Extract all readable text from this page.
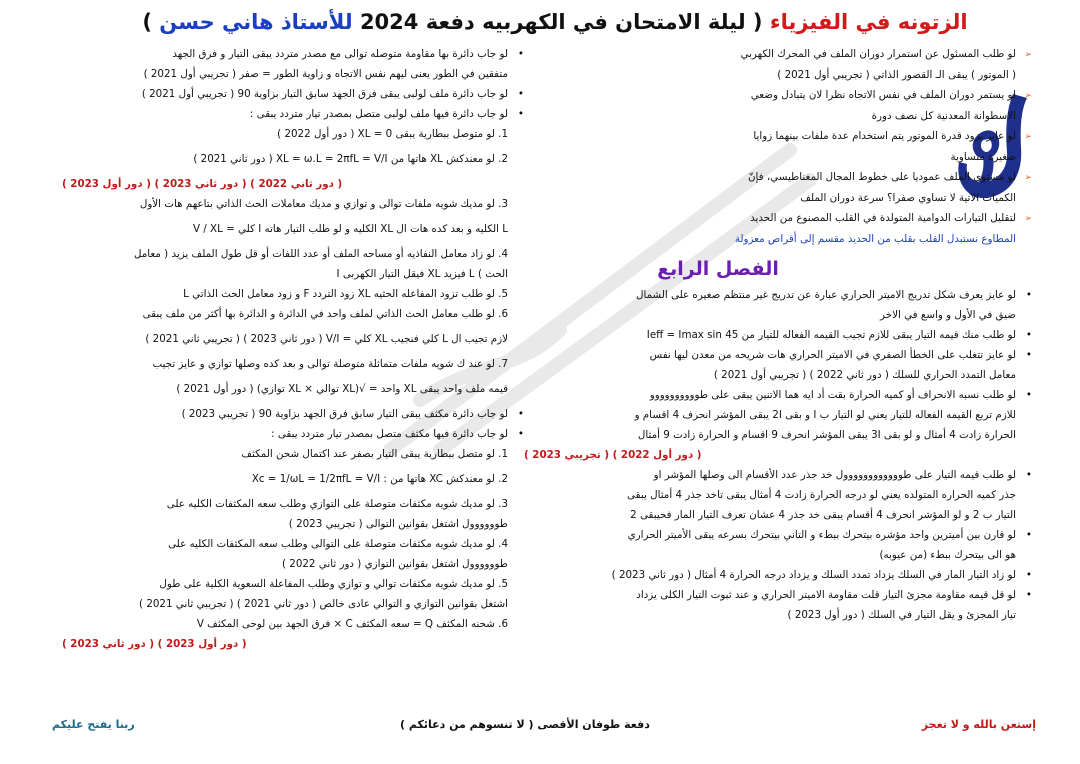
الزتونه في الفيزياء ( ليلة الامتحان في الكهربيه دفعة 2024 للأستاذ هاني حسن )
➢ لو طلب المسئول عن استمرار دوران الملف في المحرك الكهربي
( الموتور ) يبقى الـ القصور الذاتي ( تجريبي أول 2021 )
➢ لو يستمر دوران الملف في نفس الاتجاه نظرا لان يتبادل وضعي
الاسطوانة المعدنية كل نصف دورة
➢ لو عايز يزود قدرة الموتور يتم استخدام عدة ملفات بينهما زوايا
صغيرة متساوية
➢ لو مستوى الملف عموديا على خطوط المجال المغناطيسي، فإنّ
الكميات الاتية لا تساوي صفرا؟ سرعة دوران الملف
➢ لتقليل التيارات الدوامية المتولدة في القلب المصنوع من الحديد
المطاوع نستبدل القلب بقلب من الحديد مقسم إلى أقراص معزولة
الفصل الرابع
• لو عايز يعرف شكل تدريج الاميتر الحراري عبارة عن تدريج غير منتظم صغيره على الشمال
ضيق في الأول و واسع في الاخر
• لو طلب منك قيمه التيار يبقى للازم تجيب القيمه الفعاله للتيار من 45 Ieff = Imax sin
• لو عايز تتغلب على الخطأ الصفري في الاميتر الحراري هات شريحه من معدن ليها نفس
معامل التمدد الحراري للسلك ( دور ثاني 2022 ) ( تجريبي أول 2021 )
• لو طلب نسبه الانحراف أو كميه الحرارة بقت أد ايه هما الاتنين يبقى على طوووووووووو
للازم تربع القيمه الفعاله للتيار يعني لو التيار ب I و بقى 2I يبقى المؤشر انحرف 4 اقسام و
الحرارة زادت 4 أمثال و لو بقى 3I يبقى المؤشر انحرف 9 اقسام و الحرارة زادت 9 أمثال
( دور أول 2022 ) ( تجريبي 2023 )
• لو طلب قيمه التيار على طوووووووووووول خد جذر عدد الأقسام الى وصلها المؤشر او
جذر كميه الحراره المتولده يعني لو درجه الحرارة زادت 4 أمثال يبقى تاخد جذر 4 أمثال يبقى
التيار ب 2 و لو المؤشر انحرف 4 أقسام يبقى خد جذر 4 عشان تعرف التيار المار فحيبقى 2
• لو قارن بين أميترين واحد مؤشره بيتحرك ببطء و التاني بيتحرك بسرعه يبقى الأميتر الحراري
هو الى بيتحرك ببطء (من عيوبه)
• لو زاد التيار المار في السلك يزداد تمدد السلك و يزداد درجه الحرارة 4 أمثال ( دور ثاني 2023 )
• لو قل قيمه مقاومة مجزئ التيار قلت مقاومة الاميتر الحراري و عند ثبوت التيار الكلى يزداد
تيار المجزئ و يقل التيار في السلك ( دور أول 2023 )
• لو جاب دائرة بها مقاومة متوصله توالى مع مصدر متردد يبقى التيار و فرق الجهد
متفقين في الطور يعنى ليهم نفس الاتجاه و زاوية الطور = صفر ( تجريبي أول 2021 )
• لو جاب دائرة ملف لولبى يبقى فرق الجهد سابق التيار بزاوية 90 ( تجريبي أول 2021 )
• لو جاب دائرة فيها ملف لولبى متصل بمصدر تيار متردد يبقى :
1. لو متوصل ببطارية يبقى XL = 0 ( دور أول 2022 )
2. لو معندكش XL هاتها من XL = ω.L = 2πfL = V/I ( دور ثاني 2021 )
( دور ثاني 2022 ) ( دور ثاني 2023 ) ( دور أول 2023 )
3. لو مديك شويه ملفات توالى و توازي و مديك معاملات الحث الذاتي بتاعهم هات الأول
L الكليه و بعد كده هات ال XL الكليه و لو طلب التيار هاته I كلي = V / XL
4. لو زاد معامل النفاذيه أو مساحه الملف أو عدد اللفات أو قل طول الملف يزيد ( معامل
الحث ) L فيزيد XL فيقل التيار الكهربى I
5. لو طلب تزود المفاعله الحثيه XL زود التردد F و زود معامل الحث الذاتي L
6. لو طلب معامل الحث الذاتي لملف واحد في الدائرة و الدائرة بها أكثر من ملف يبقى
لازم تجيب ال L كلي فنجيب XL كلي = V/I ( دور ثاني 2023 ) ( تجريبي ثاني 2021 )
7. لو عند ك شويه ملفات متماثلة متوصلة توالى و بعد كده وصلها توازي و عايز تجيب
قيمه ملف واحد يبقى XL واحد = √(XL توالي × XL توازي) ( دور أول 2021 )
• لو جاب دائرة مكثف يبقى التيار سابق فرق الجهد بزاوية 90 ( تجريبي 2023 )
• لو جاب دائرة فيها مكثف متصل بمصدر تيار متردد يبقى :
1. لو متصل ببطارية يبقى التيار بصفر عند اكتمال شحن المكثف
2. لو معندكش XC هاتها من : Xc = 1/ωL = 1/2πfL = V/I
3. لو مديك شويه مكثفات متوصلة على التوازي وطلب سعه المكثفات الكليه على
طوووووول اشتغل بقوانين التوالى ( تجريبي 2023 )
4. لو مديك شويه مكثفات متوصلة على التوالى وطلب سعه المكثفات الكليه على
طوووووول اشتغل بقوانين التوازي ( دور ثاني 2022 )
5. لو مديك شويه مكثفات توالي و توازي وطلب المفاعلة السعوية الكلية على طول
اشتغل بقوانين التوازي و التوالي عادى خالص ( دور ثاني 2021 ) ( تجريبي ثاني 2021 )
6. شحنه المكثف Q = سعه المكثف C × فرق الجهد بين لوحى المكثف V
( دور أول 2023 ) ( دور ثاني 2023 )
إستعن بالله و لا تعجز
دفعة طوفان الأقصى ( لا تنسوهم من دعائكم )
ربنا يفتح عليكم
